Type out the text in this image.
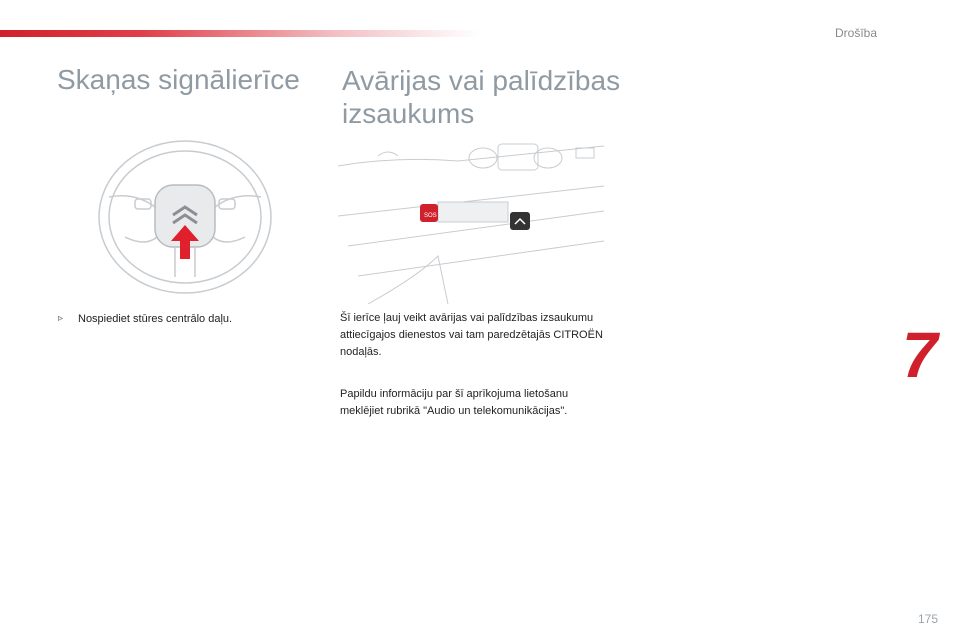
Drošība
Skaņas signālierīce Avārijas vai palīdzības izsaukums
SOS
▹	Nospiediet stūres centrālo daļu.	Šī ierīce ļauj veikt avārijas vai palīdzības izsaukumu attiecīgajos dienestos vai tam paredzētajās CITROËN nodaļās.

Papildu informāciju par šī aprīkojuma lietošanu meklējiet rubrikā "Audio un telekomunikācijas".

7
175
